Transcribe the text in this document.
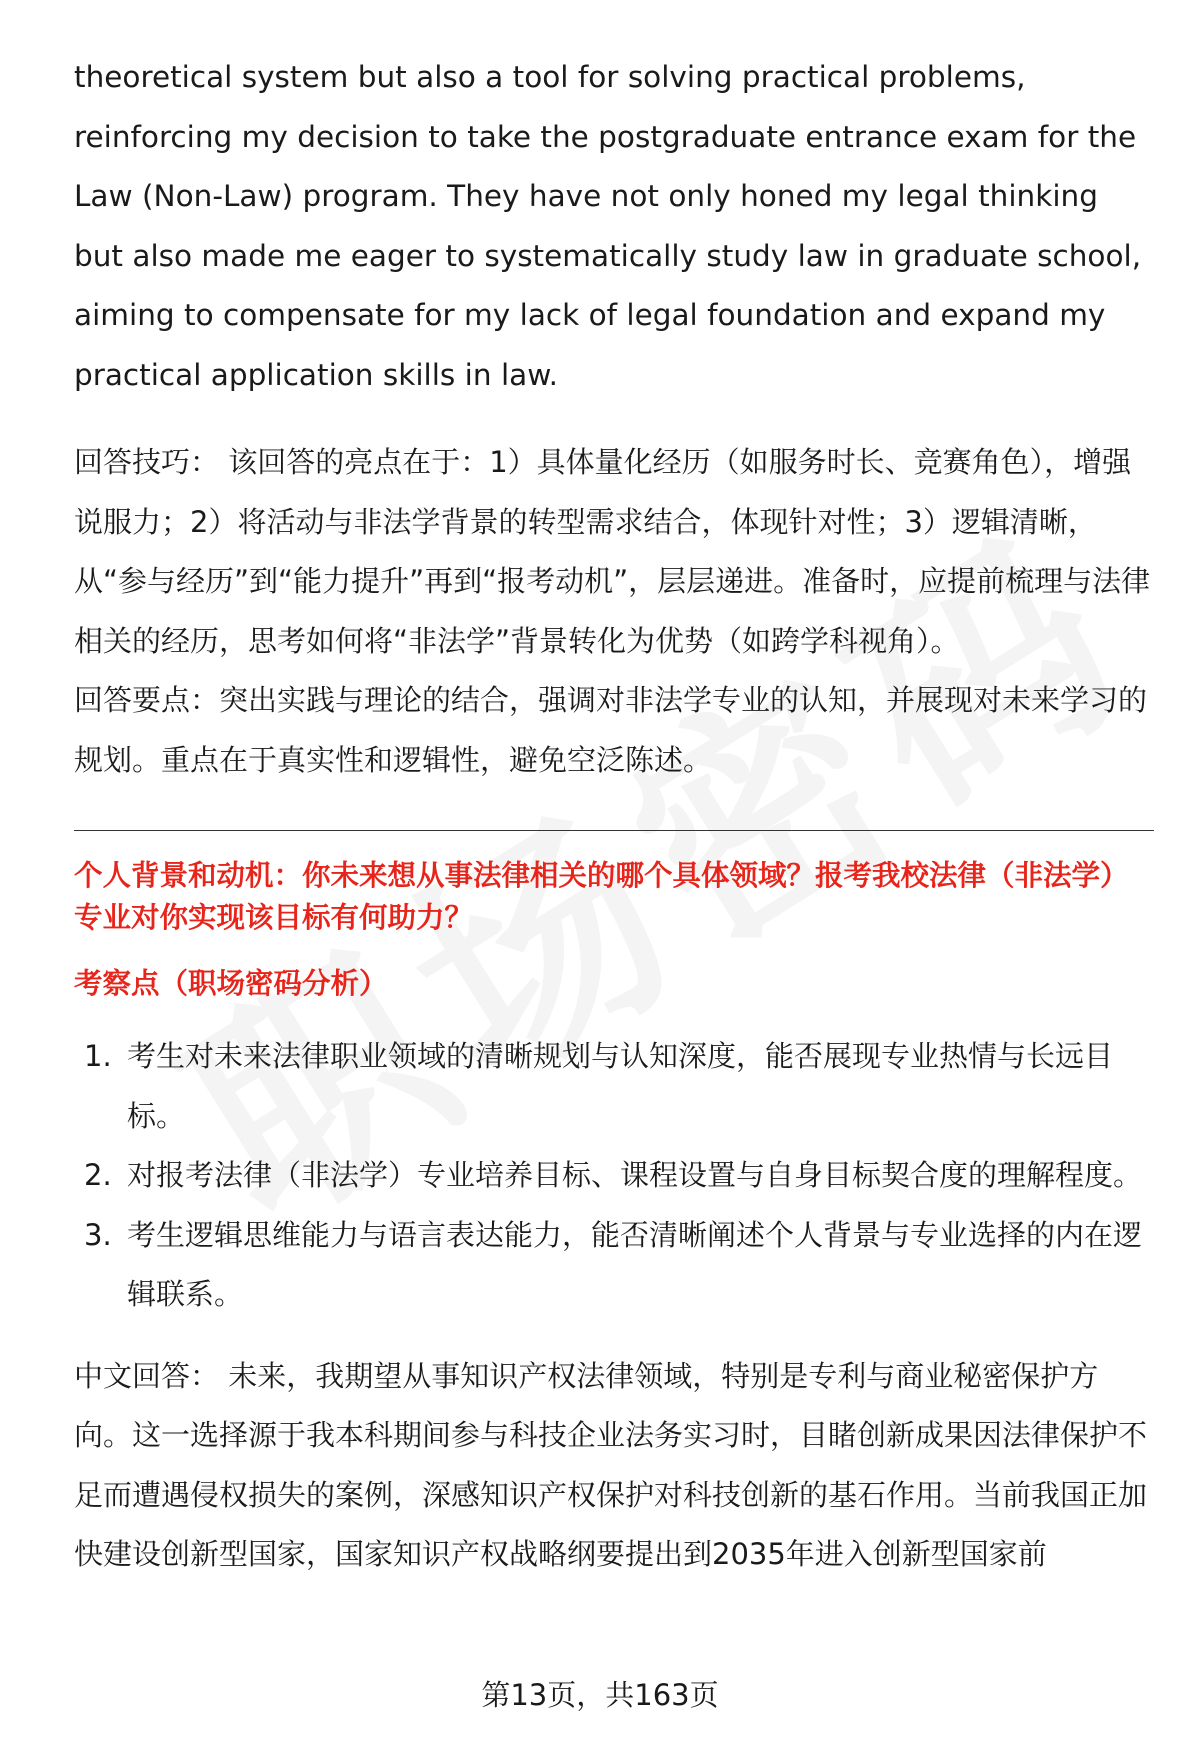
theoretical system but also a tool for solving practical problems, reinforcing my decision to take the postgraduate entrance exam for the Law (Non-Law) program. They have not only honed my legal thinking but also made me eager to systematically study law in graduate school, aiming to compensate for my lack of legal foundation and expand my practical application skills in law.

回答技巧： 该回答的亮点在于：1）具体量化经历（如服务时长、竞赛角色），增强说服力；2）将活动与非法学背景的转型需求结合，体现针对性；3）逻辑清晰，从“参与经历”到“能力提升”再到“报考动机”，层层递进。准备时，应提前梳理与法律相关的经历，思考如何将“非法学”背景转化为优势（如跨学科视角）。

回答要点：突出实践与理论的结合，强调对非法学专业的认知，并展现对未来学习的规划。重点在于真实性和逻辑性，避免空泛陈述。

个人背景和动机：你未来想从事法律相关的哪个具体领域？报考我校法律（非法学）专业对你实现该目标有何助力？

考察点（职场密码分析）

1. 考生对未来法律职业领域的清晰规划与认知深度，能否展现专业热情与长远目标。
2. 对报考法律（非法学）专业培养目标、课程设置与自身目标契合度的理解程度。
3. 考生逻辑思维能力与语言表达能力，能否清晰阐述个人背景与专业选择的内在逻辑联系。

中文回答： 未来，我期望从事知识产权法律领域，特别是专利与商业秘密保护方向。这一选择源于我本科期间参与科技企业法务实习时，目睹创新成果因法律保护不足而遭遇侵权损失的案例，深感知识产权保护对科技创新的基石作用。当前我国正加快建设创新型国家，国家知识产权战略纲要提出到2035年进入创新型国家前

第13页，共163页
